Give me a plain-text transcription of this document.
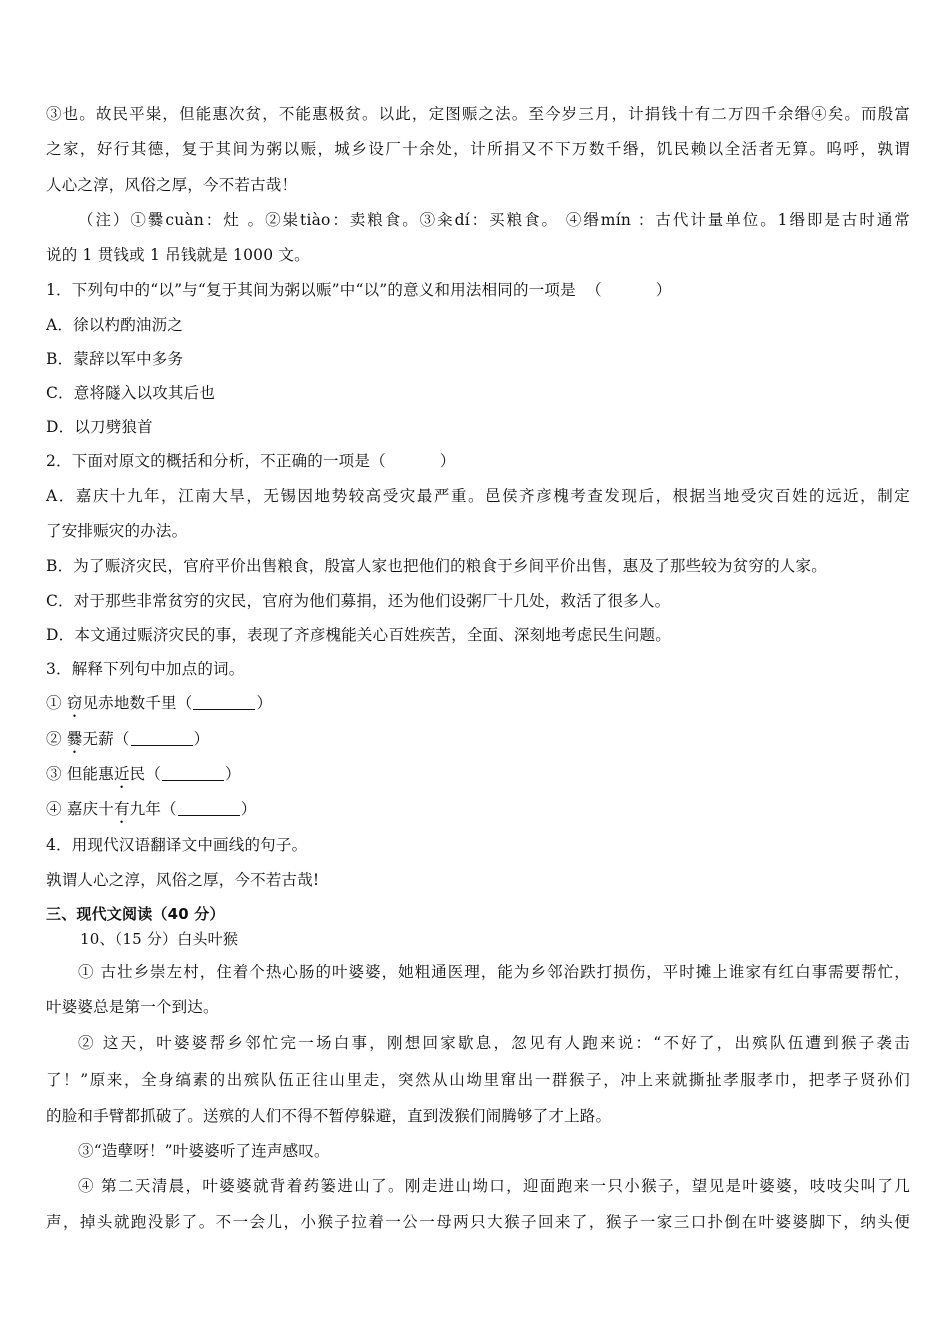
③也。故民平粜，但能惠次贫，不能惠极贫。以此，定图赈之法。至今岁三月，计捐钱十有二万四千余缗④矣。而殷富
之家，好行其德，复于其间为粥以赈，城乡设厂十余处，计所捐又不下万数千缗，饥民赖以全活者无算。呜呼，孰谓
人心之淳，风俗之厚，今不若古哉！
（注）①爨cuàn：灶 。②粜tiào：卖粮食。③籴dí：买粮食。 ④缗mín ：古代计量单位。1缗即是古时通常
说的 1 贯钱或 1 吊钱就是 1000 文。
1．下列句中的“以”与“复于其间为粥以赈”中“以”的意义和用法相同的一项是 （	）
A．徐以杓酌油沥之
B．蒙辞以军中多务
C．意将隧入以攻其后也
D．以刀劈狼首
2．下面对原文的概括和分析，不正确的一项是（	）
A．嘉庆十九年，江南大旱，无锡因地势较高受灾最严重。邑侯齐彦槐考查发现后，根据当地受灾百姓的远近，制定
了安排赈灾的办法。
B．为了赈济灾民，官府平价出售粮食，殷富人家也把他们的粮食于乡间平价出售，惠及了那些较为贫穷的人家。
C．对于那些非常贫穷的灾民，官府为他们募捐，还为他们设粥厂十几处，救活了很多人。
D．本文通过赈济灾民的事，表现了齐彦槐能关心百姓疾苦，全面、深刻地考虑民生问题。
3．解释下列句中加点的词。
① 窃见赤地数千里（	）
② 爨无薪（	）
③ 但能惠近民（	）
④ 嘉庆十有九年（	）
4．用现代汉语翻译文中画线的句子。
孰谓人心之淳，风俗之厚，今不若古哉!
三、现代文阅读（40 分）
10、（15 分）白头叶猴
① 古壮乡崇左村，住着个热心肠的叶婆婆，她粗通医理，能为乡邻治跌打损伤，平时摊上谁家有红白事需要帮忙，
叶婆婆总是第一个到达。
② 这天，叶婆婆帮乡邻忙完一场白事，刚想回家歇息，忽见有人跑来说：“不好了，出殡队伍遭到猴子袭击
了！”原来，全身缟素的出殡队伍正往山里走，突然从山坳里窜出一群猴子，冲上来就撕扯孝服孝巾，把孝子贤孙们
的脸和手臂都抓破了。送殡的人们不得不暂停躲避，直到泼猴们闹腾够了才上路。
③“造孽呀！”叶婆婆听了连声感叹。
④ 第二天清晨，叶婆婆就背着药篓进山了。刚走进山坳口，迎面跑来一只小猴子，望见是叶婆婆，吱吱尖叫了几
声，掉头就跑没影了。不一会儿，小猴子拉着一公一母两只大猴子回来了，猴子一家三口扑倒在叶婆婆脚下，纳头便
